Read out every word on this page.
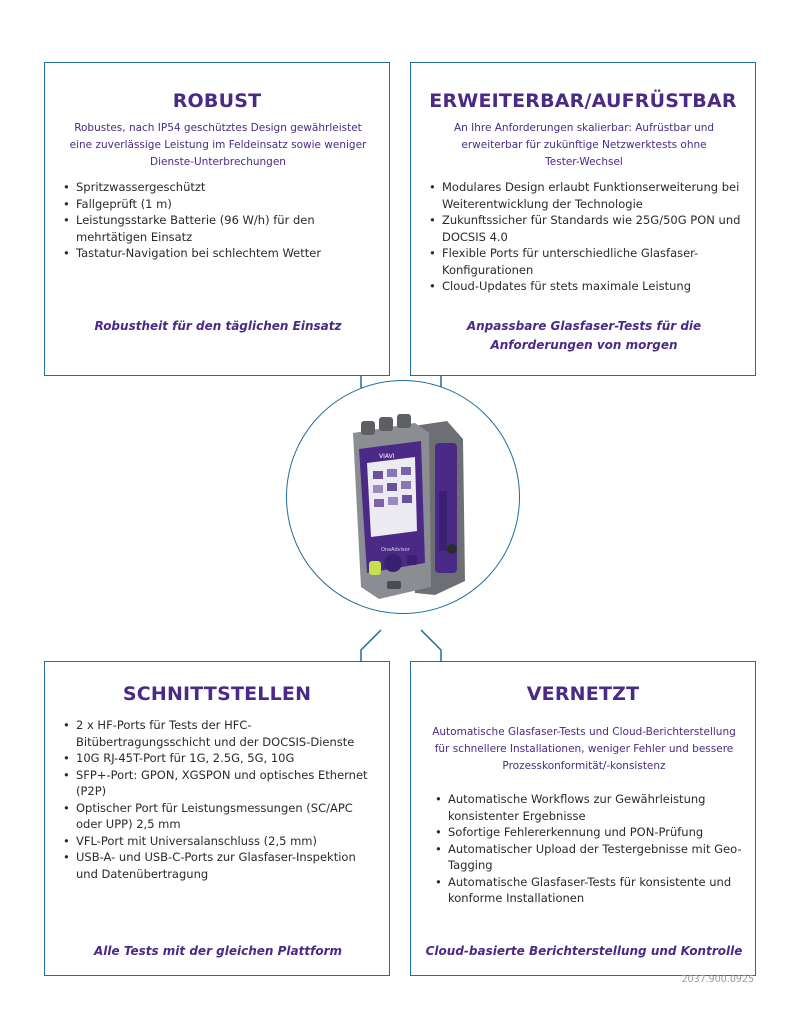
ROBUST
Robustes, nach IP54 geschütztes Design gewährleistet
eine zuverlässige Leistung im Feldeinsatz sowie weniger
Dienste-Unterbrechungen
• Spritzwassergeschützt
• Fallgeprüft (1 m)
• Leistungsstarke Batterie (96 W/h) für den mehrtätigen Einsatz
• Tastatur-Navigation bei schlechtem Wetter
Robustheit für den täglichen Einsatz
ERWEITERBAR/AUFRÜSTBAR
An Ihre Anforderungen skalierbar: Aufrüstbar und
erweiterbar für zukünftige Netzwerktests ohne
Tester-Wechsel
• Modulares Design erlaubt Funktionserweiterung bei Weiterentwicklung der Technologie
• Zukunftssicher für Standards wie 25G/50G PON und DOCSIS 4.0
• Flexible Ports für unterschiedliche Glasfaser-Konfigurationen
• Cloud-Updates für stets maximale Leistung
Anpassbare Glasfaser-Tests für die
Anforderungen von morgen
SCHNITTSTELLEN
• 2 x HF-Ports für Tests der HFC-Bitübertragungsschicht und der DOCSIS-Dienste
• 10G RJ-45T-Port für 1G, 2.5G, 5G, 10G
• SFP+-Port: GPON, XGSPON und optisches Ethernet (P2P)
• Optischer Port für Leistungsmessungen (SC/APC oder UPP) 2,5 mm
• VFL-Port mit Universalanschluss (2,5 mm)
• USB-A- und USB-C-Ports zur Glasfaser-Inspektion und Datenübertragung
Alle Tests mit der gleichen Plattform
VERNETZT
Automatische Glasfaser-Tests und Cloud-Berichterstellung
für schnellere Installationen, weniger Fehler und bessere
Prozesskonformität/-konsistenz
• Automatische Workflows zur Gewährleistung konsistenter Ergebnisse
• Sofortige Fehlererkennung und PON-Prüfung
• Automatischer Upload der Testergebnisse mit Geo-Tagging
• Automatische Glasfaser-Tests für konsistente und konforme Installationen
Cloud-basierte Berichterstellung und Kontrolle
VIAVI
OneAdvisor
2037.900.0925
